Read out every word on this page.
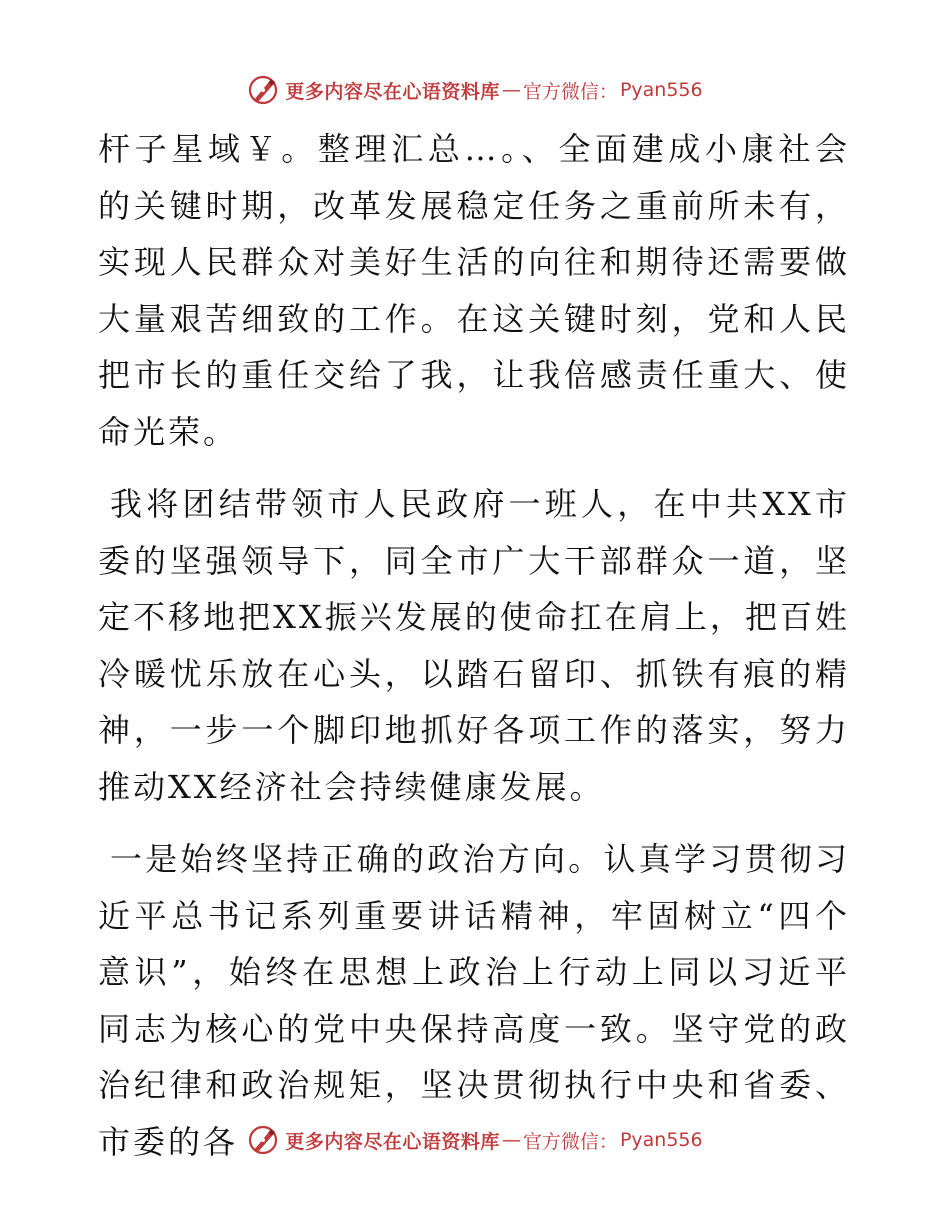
更多内容尽在心语资料库 — 官方微信： Pyan556

杆子星域￥。整理汇总…。、全面建成小康社会的关键时期，改革发展稳定任务之重前所未有，实现人民群众对美好生活的向往和期待还需要做大量艰苦细致的工作。在这关键时刻，党和人民把市长的重任交给了我，让我倍感责任重大、使命光荣。

我将团结带领市人民政府一班人，在中共XX市委的坚强领导下，同全市广大干部群众一道，坚定不移地把XX振兴发展的使命扛在肩上，把百姓冷暖忧乐放在心头，以踏石留印、抓铁有痕的精神，一步一个脚印地抓好各项工作的落实，努力推动XX经济社会持续健康发展。

一是始终坚持正确的政治方向。认真学习贯彻习近平总书记系列重要讲话精神，牢固树立“四个意识”，始终在思想上政治上行动上同以习近平同志为核心的党中央保持高度一致。坚守党的政治纪律和政治规矩，坚决贯彻执行中央和省委、市委的各	更多内容尽在心语资料库 — 官方微信： Pyan556
